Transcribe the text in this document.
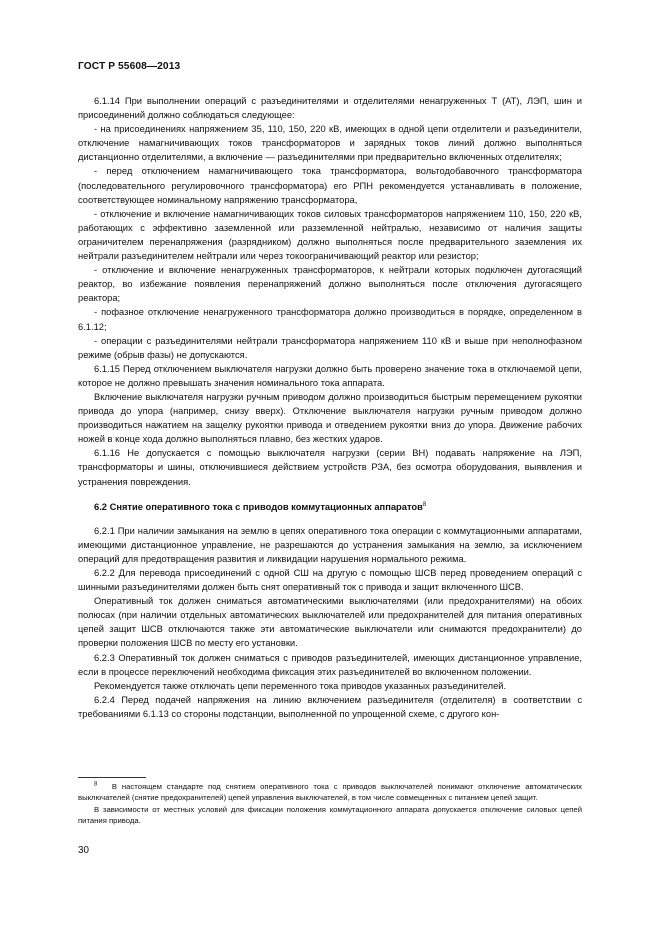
ГОСТ Р 55608—2013

6.1.14 При выполнении операций с разъединителями и отделителями ненагруженных Т (АТ), ЛЭП, шин и присоединений должно соблюдаться следующее:

- на присоединениях напряжением 35, 110, 150, 220 кВ, имеющих в одной цепи отделители и разъединители, отключение намагничивающих токов трансформаторов и зарядных токов линий должно выполняться дистанционно отделителями, а включение — разъединителями при предварительно включенных отделителях;

- перед отключением намагничивающего тока трансформатора, вольтодобавочного трансформатора (последовательного регулировочного трансформатора) его РПН рекомендуется устанавливать в положение, соответствующее номинальному напряжению трансформатора,

- отключение и включение намагничивающих токов силовых трансформаторов напряжением 110, 150, 220 кВ, работающих с эффективно заземленной или разземленной нейтралью, независимо от наличия защиты ограничителем перенапряжения (разрядником) должно выполняться после предварительного заземления их нейтрали разъединителем нейтрали или через токоограничивающий реактор или резистор;

- отключение и включение ненагруженных трансформаторов, к нейтрали которых подключен дугогасящий реактор, во избежание появления перенапряжений должно выполняться после отключения дугогасящего реактора;

- пофазное отключение ненагруженного трансформатора должно производиться в порядке, определенном в 6.1.12;

- операции с разъединителями нейтрали трансформатора напряжением 110 кВ и выше при неполнофазном режиме (обрыв фазы) не допускаются.

6.1.15 Перед отключением выключателя нагрузки должно быть проверено значение тока в отключаемой цепи, которое не должно превышать значения номинального тока аппарата.

Включение выключателя нагрузки ручным приводом должно производиться быстрым перемещением рукоятки привода до упора (например, снизу вверх). Отключение выключателя нагрузки ручным приводом должно производиться нажатием на защелку рукоятки привода и отведением рукоятки вниз до упора. Движение рабочих ножей в конце хода должно выполняться плавно, без жестких ударов.

6.1.16 Не допускается с помощью выключателя нагрузки (серии ВН) подавать напряжение на ЛЭП, трансформаторы и шины, отключившиеся действием устройств РЗА, без осмотра оборудования, выявления и устранения повреждения.

6.2 Снятие оперативного тока с приводов коммутационных аппаратов$^8$

6.2.1 При наличии замыкания на землю в цепях оперативного тока операции с коммутационными аппаратами, имеющими дистанционное управление, не разрешаются до устранения замыкания на землю, за исключением операций для предотвращения развития и ликвидации нарушения нормального режима.

6.2.2 Для перевода присоединений с одной СШ на другую с помощью ШСВ перед проведением операций с шинными разъединителями должен быть снят оперативный ток с привода и защит включенного ШСВ.

Оперативный ток должен сниматься автоматическими выключателями (или предохранителями) на обоих полюсах (при наличии отдельных автоматических выключателей или предохранителей для питания оперативных цепей защит ШСВ отключаются также эти автоматические выключатели или снимаются предохранители) до проверки положения ШСВ по месту его установки.

6.2.3 Оперативный ток должен сниматься с приводов разъединителей, имеющих дистанционное управление, если в процессе переключений необходима фиксация этих разъединителей во включенном положении.

Рекомендуется также отключать цепи переменного тока приводов указанных разъединителей.

6.2.4 Перед подачей напряжения на линию включением разъединителя (отделителя) в соответствии с требованиями 6.1.13 со стороны подстанции, выполненной по упрощенной схеме, с другого кон-

$^8$ В настоящем стандарте под снятием оперативного тока с приводов выключателей понимают отключение автоматических выключателей (снятие предохранителей) цепей управления выключателей, в том числе совмещенных с питанием цепей защит.

В зависимости от местных условий для фиксации положения коммутационного аппарата допускается отключение силовых цепей питания привода.

30
